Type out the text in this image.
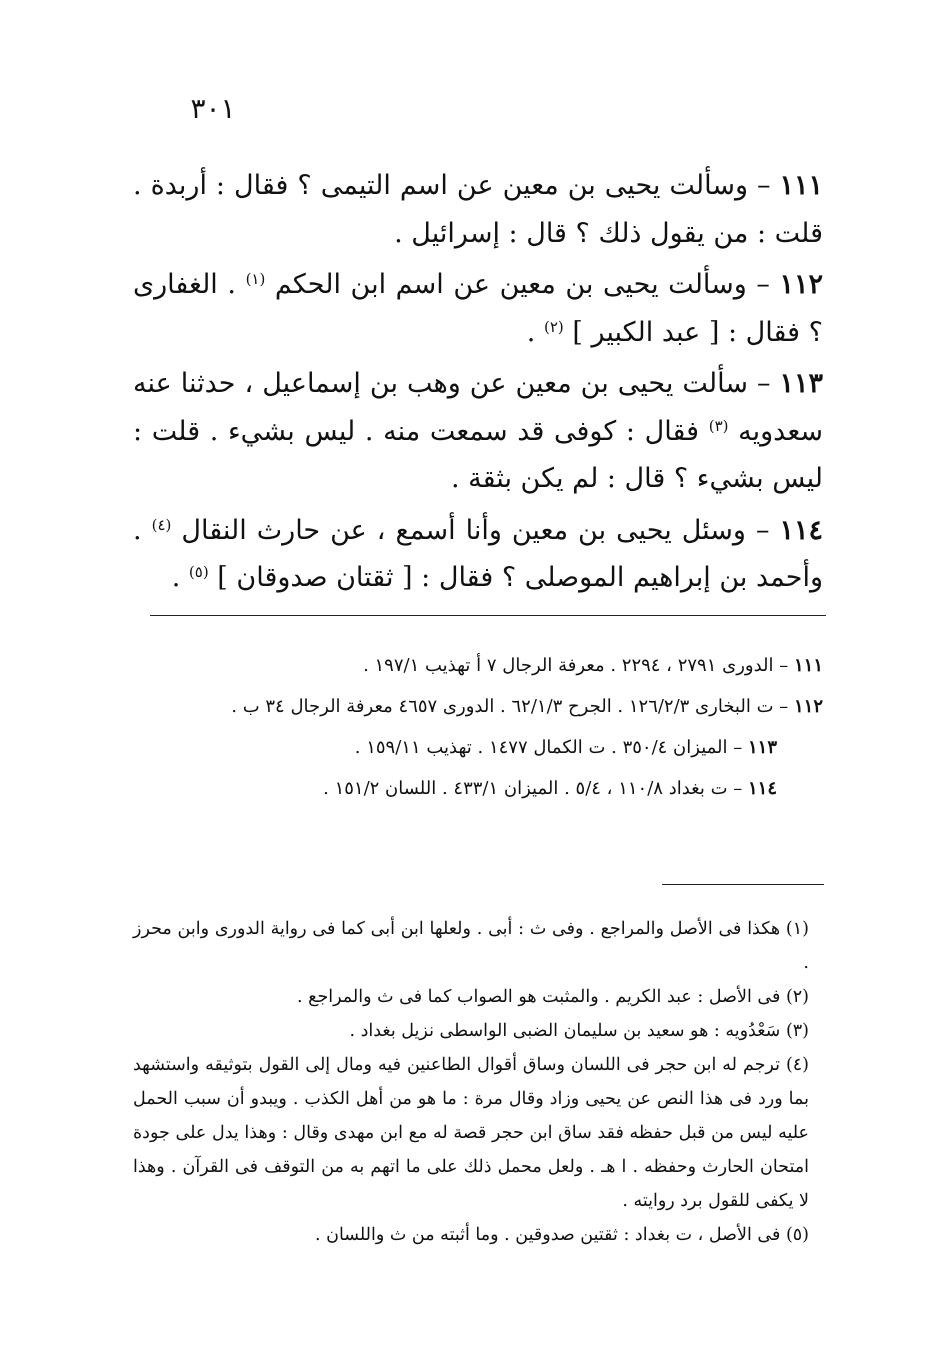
٣٠١

١١١ – وسألت يحيى بن معين عن اسم التيمى ؟ فقال : أربدة . قلت : من يقول ذلك ؟ قال : إسرائيل .

١١٢ – وسألت يحيى بن معين عن اسم ابن الحكم $^{(١)}$ . الغفارى ؟ فقال : [ عبد الكبير ] $^{(٢)}$ .

١١٣ – سألت يحيى بن معين عن وهب بن إسماعيل ، حدثنا عنه سعدويه $^{(٣)}$ فقال : كوفى قد سمعت منه . ليس بشيء . قلت : ليس بشيء ؟ قال : لم يكن بثقة .

١١٤ – وسئل يحيى بن معين وأنا أسمع ، عن حارث النقال $^{(٤)}$ . وأحمد بن إبراهيم الموصلى ؟ فقال : [ ثقتان صدوقان ] $^{(٥)}$ .

١١١ – الدورى ٢٧٩١ ، ٢٢٩٤ . معرفة الرجال ٧ أ تهذيب ١٩٧/١ .

١١٢ – ت البخارى ١٢٦/٢/٣ . الجرح ٦٢/١/٣ . الدورى ٤٦٥٧ معرفة الرجال ٣٤ ب .

١١٣ – الميزان ٣٥٠/٤ . ت الكمال ١٤٧٧ . تهذيب ١٥٩/١١ .

١١٤ – ت بغداد ١١٠/٨ ، ٥/٤ . الميزان ٤٣٣/١ . اللسان ١٥١/٢ .

(١) هكذا فى الأصل والمراجع . وفى ث : أبى . ولعلها ابن أبى كما فى رواية الدورى وابن محرز .

(٢) فى الأصل : عبد الكريم . والمثبت هو الصواب كما فى ث والمراجع .

(٣) سَعْدُويه : هو سعيد بن سليمان الضبى الواسطى نزيل بغداد .

(٤) ترجم له ابن حجر فى اللسان وساق أقوال الطاعنين فيه ومال إلى القول بتوثيقه واستشهد بما ورد فى هذا النص عن يحيى وزاد وقال مرة : ما هو من أهل الكذب . ويبدو أن سبب الحمل عليه ليس من قبل حفظه فقد ساق ابن حجر قصة له مع ابن مهدى وقال : وهذا يدل على جودة امتحان الحارث وحفظه . ا هـ . ولعل محمل ذلك على ما اتهم به من التوقف فى القرآن . وهذا لا يكفى للقول برد روايته .

(٥) فى الأصل ، ت بغداد : ثقتين صدوقين . وما أثبته من ث واللسان .
